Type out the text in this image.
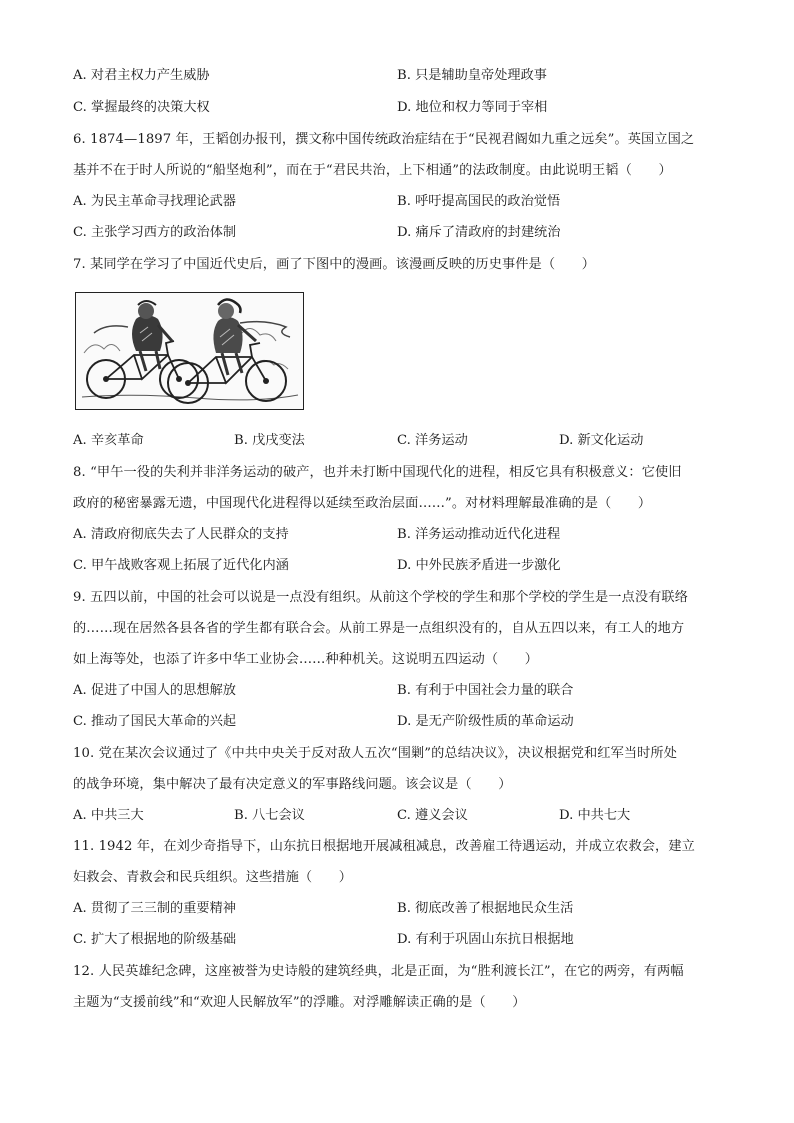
A. 对君主权力产生威胁	B. 只是辅助皇帝处理政事
C. 掌握最终的决策大权	D. 地位和权力等同于宰相
6. 1874—1897 年，王韬创办报刊，撰文称中国传统政治症结在于“民视君阍如九重之远矣”。英国立国之
基并不在于时人所说的“船坚炮利”，而在于“君民共治，上下相通”的法政制度。由此说明王韬（　　）
A. 为民主革命寻找理论武器	B. 呼吁提高国民的政治觉悟
C. 主张学习西方的政治体制	D. 痛斥了清政府的封建统治
7. 某同学在学习了中国近代史后，画了下图中的漫画。该漫画反映的历史事件是（　　）
A. 辛亥革命	B. 戊戌变法	C. 洋务运动	D. 新文化运动
8. “甲午一役的失利并非洋务运动的破产，也并未打断中国现代化的进程，相反它具有积极意义：它使旧
政府的秘密暴露无遗，中国现代化进程得以延续至政治层面……”。对材料理解最准确的是（　　）
A. 清政府彻底失去了人民群众的支持	B. 洋务运动推动近代化进程
C. 甲午战败客观上拓展了近代化内涵	D. 中外民族矛盾进一步激化
9. 五四以前，中国的社会可以说是一点没有组织。从前这个学校的学生和那个学校的学生是一点没有联络
的……现在居然各县各省的学生都有联合会。从前工界是一点组织没有的，自从五四以来，有工人的地方
如上海等处，也添了许多中华工业协会……种种机关。这说明五四运动（　　）
A. 促进了中国人的思想解放	B. 有利于中国社会力量的联合
C. 推动了国民大革命的兴起	D. 是无产阶级性质的革命运动
10. 党在某次会议通过了《中共中央关于反对敌人五次“围剿”的总结决议》，决议根据党和红军当时所处
的战争环境，集中解决了最有决定意义的军事路线问题。该会议是（　　）
A. 中共三大	B. 八七会议	C. 遵义会议	D. 中共七大
11. 1942 年，在刘少奇指导下，山东抗日根据地开展减租减息，改善雇工待遇运动，并成立农救会，建立
妇救会、青救会和民兵组织。这些措施（　　）
A. 贯彻了三三制的重要精神	B. 彻底改善了根据地民众生活
C. 扩大了根据地的阶级基础	D. 有利于巩固山东抗日根据地
12. 人民英雄纪念碑，这座被誉为史诗般的建筑经典，北是正面，为“胜利渡长江”，在它的两旁，有两幅
主题为“支援前线”和“欢迎人民解放军”的浮雕。对浮雕解读正确的是（　　）
